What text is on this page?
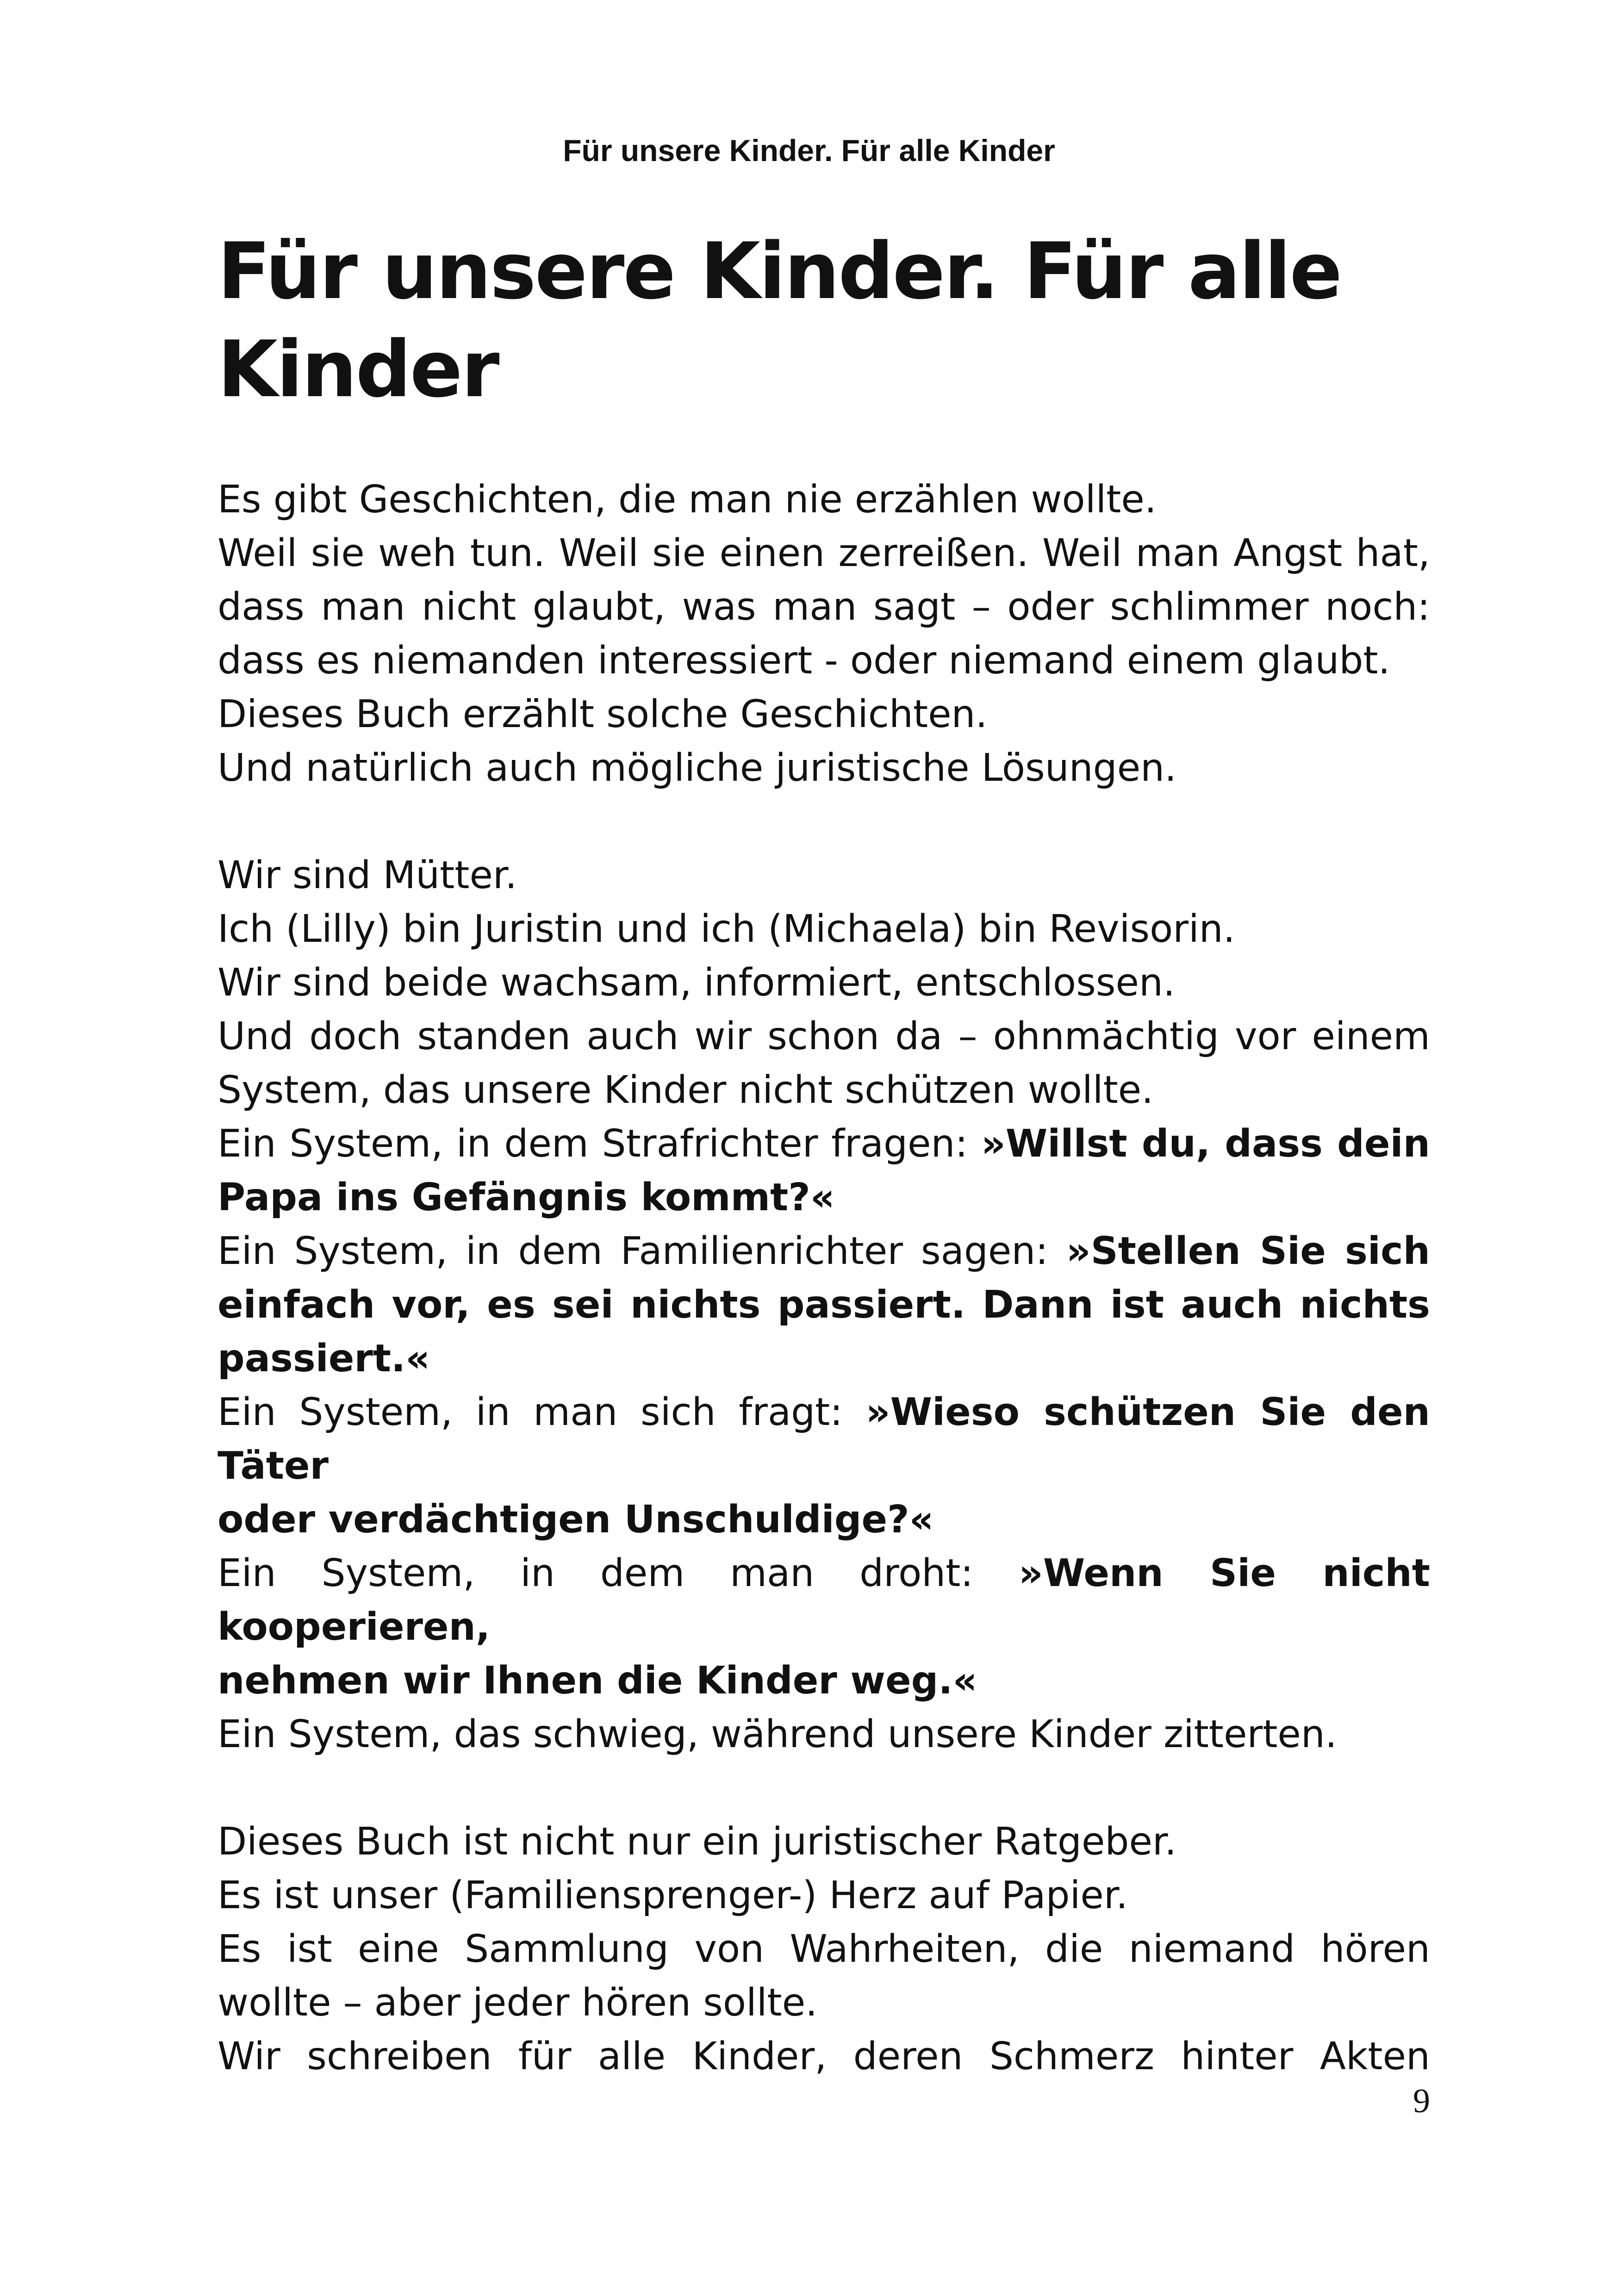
Für unsere Kinder. Für alle Kinder
Für unsere Kinder. Für alle
Kinder

Es gibt Geschichten, die man nie erzählen wollte.
Weil sie weh tun. Weil sie einen zerreißen. Weil man Angst hat,
dass man nicht glaubt, was man sagt – oder schlimmer noch:
dass es niemanden interessiert - oder niemand einem glaubt.
Dieses Buch erzählt solche Geschichten.
Und natürlich auch mögliche juristische Lösungen.

Wir sind Mütter.
Ich (Lilly) bin Juristin und ich (Michaela) bin Revisorin.
Wir sind beide wachsam, informiert, entschlossen.
Und doch standen auch wir schon da – ohnmächtig vor einem
System, das unsere Kinder nicht schützen wollte.
Ein System, in dem Strafrichter fragen: »Willst du, dass dein
Papa ins Gefängnis kommt?«
Ein System, in dem Familienrichter sagen: »Stellen Sie sich
einfach vor, es sei nichts passiert. Dann ist auch nichts
passiert.«
Ein System, in man sich fragt: »Wieso schützen Sie den Täter
oder verdächtigen Unschuldige?«
Ein System, in dem man droht: »Wenn Sie nicht kooperieren,
nehmen wir Ihnen die Kinder weg.«
Ein System, das schwieg, während unsere Kinder zitterten.

Dieses Buch ist nicht nur ein juristischer Ratgeber.
Es ist unser (Familiensprenger-) Herz auf Papier.
Es ist eine Sammlung von Wahrheiten, die niemand hören
wollte – aber jeder hören sollte.
Wir schreiben für alle Kinder, deren Schmerz hinter Akten

9
